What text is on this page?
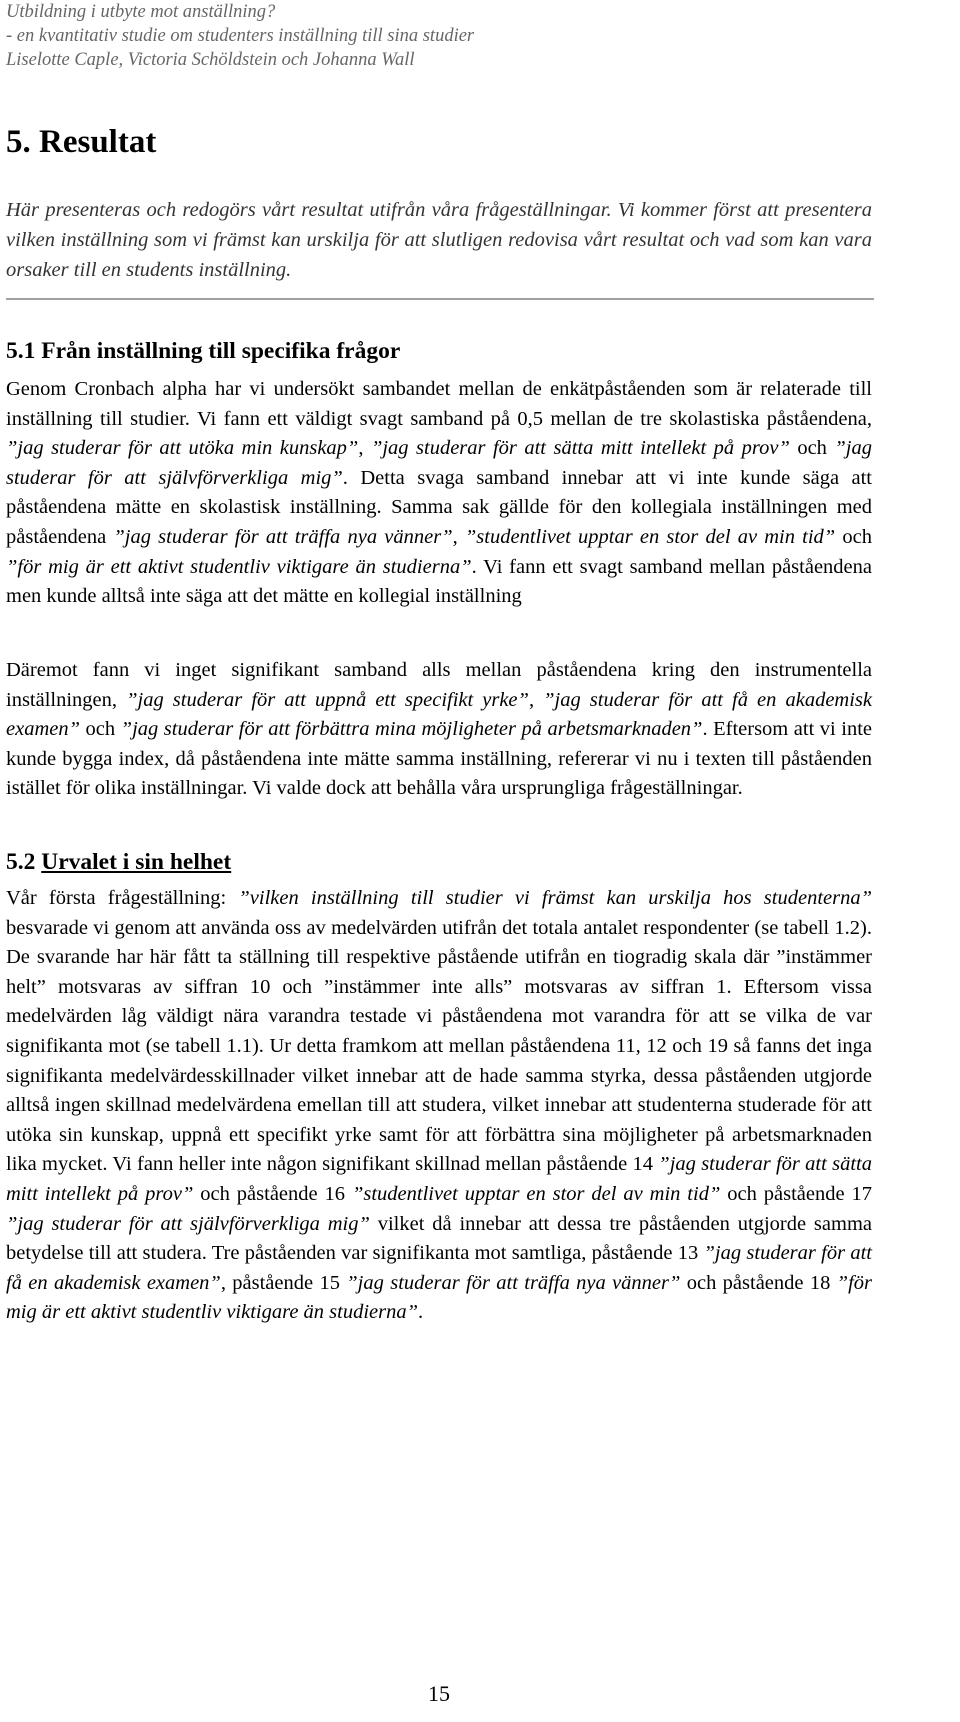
Utbildning i utbyte mot anställning?
- en kvantitativ studie om studenters inställning till sina studier
Liselotte Caple, Victoria Schöldstein och Johanna Wall
5. Resultat

Här presenteras och redogörs vårt resultat utifrån våra frågeställningar. Vi kommer först att presentera vilken inställning som vi främst kan urskilja för att slutligen redovisa vårt resultat och vad som kan vara orsaker till en students inställning.

5.1 Från inställning till specifika frågor

Genom Cronbach alpha har vi undersökt sambandet mellan de enkätpåståenden som är relaterade till inställning till studier. Vi fann ett väldigt svagt samband på 0,5 mellan de tre skolastiska påståendena, ”jag studerar för att utöka min kunskap”, ”jag studerar för att sätta mitt intellekt på prov” och ”jag studerar för att självförverkliga mig”. Detta svaga samband innebar att vi inte kunde säga att påståendena mätte en skolastisk inställning. Samma sak gällde för den kollegiala inställningen med påståendena ”jag studerar för att träffa nya vänner”, ”studentlivet upptar en stor del av min tid” och ”för mig är ett aktivt studentliv viktigare än studierna”. Vi fann ett svagt samband mellan påståendena men kunde alltså inte säga att det mätte en kollegial inställning

Däremot fann vi inget signifikant samband alls mellan påståendena kring den instrumentella inställningen, ”jag studerar för att uppnå ett specifikt yrke”, ”jag studerar för att få en akademisk examen” och ”jag studerar för att förbättra mina möjligheter på arbetsmarknaden”. Eftersom att vi inte kunde bygga index, då påståendena inte mätte samma inställning, refererar vi nu i texten till påståenden istället för olika inställningar. Vi valde dock att behålla våra ursprungliga frågeställningar.

5.2 Urvalet i sin helhet

Vår första frågeställning: ”vilken inställning till studier vi främst kan urskilja hos studenterna” besvarade vi genom att använda oss av medelvärden utifrån det totala antalet respondenter (se tabell 1.2). De svarande har här fått ta ställning till respektive påstående utifrån en tiogradig skala där ”instämmer helt” motsvaras av siffran 10 och ”instämmer inte alls” motsvaras av siffran 1. Eftersom vissa medelvärden låg väldigt nära varandra testade vi påståendena mot varandra för att se vilka de var signifikanta mot (se tabell 1.1). Ur detta framkom att mellan påståendena 11, 12 och 19 så fanns det inga signifikanta medelvärdesskillnader vilket innebar att de hade samma styrka, dessa påståenden utgjorde alltså ingen skillnad medelvärdena emellan till att studera, vilket innebar att studenterna studerade för att utöka sin kunskap, uppnå ett specifikt yrke samt för att förbättra sina möjligheter på arbetsmarknaden lika mycket. Vi fann heller inte någon signifikant skillnad mellan påstående 14 ”jag studerar för att sätta mitt intellekt på prov” och påstående 16 ”studentlivet upptar en stor del av min tid” och påstående 17 ”jag studerar för att självförverkliga mig” vilket då innebar att dessa tre påståenden utgjorde samma betydelse till att studera. Tre påståenden var signifikanta mot samtliga, påstående 13 ”jag studerar för att få en akademisk examen”, påstående 15 ”jag studerar för att träffa nya vänner” och påstående 18 ”för mig är ett aktivt studentliv viktigare än studierna”.

15
